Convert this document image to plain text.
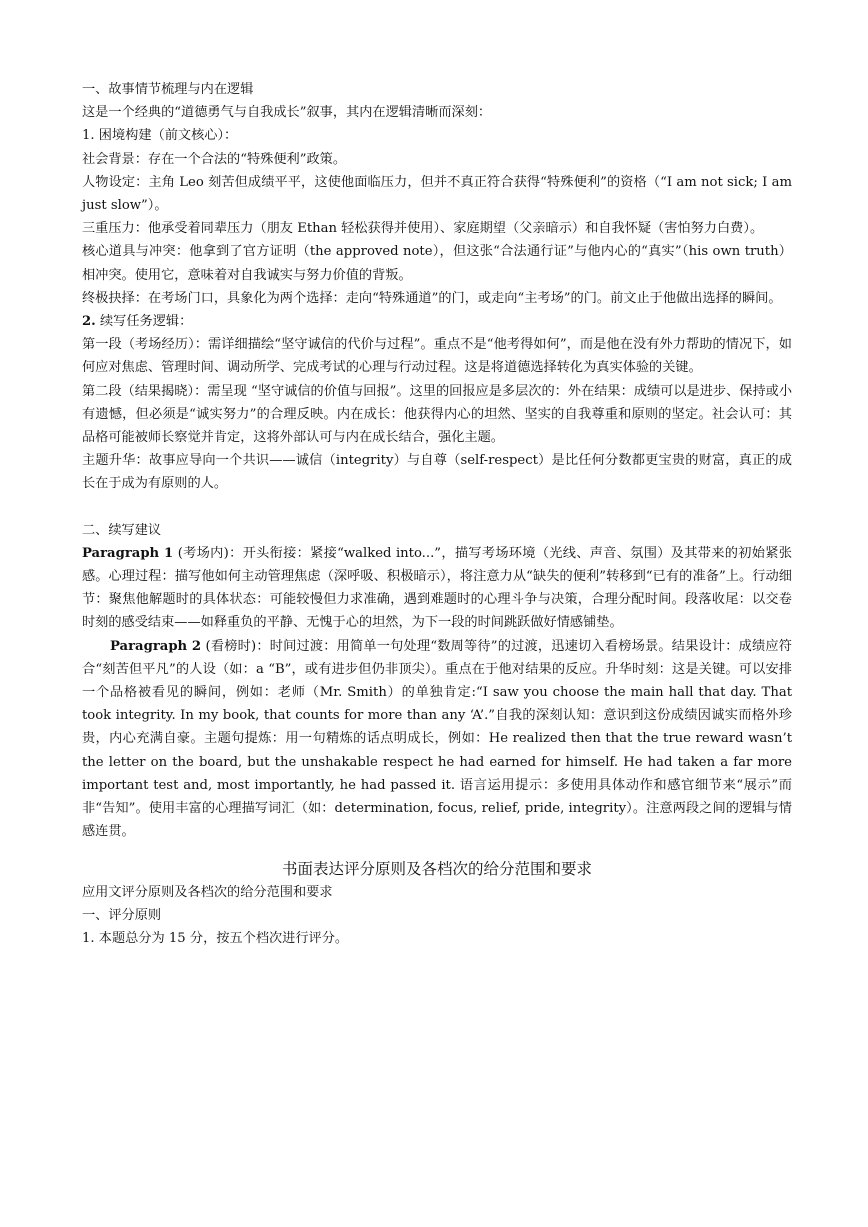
一、故事情节梳理与内在逻辑

这是一个经典的“道德勇气与自我成长”叙事，其内在逻辑清晰而深刻：

1. 困境构建（前文核心）：

社会背景：存在一个合法的“特殊便利”政策。

人物设定：主角 Leo 刻苦但成绩平平，这使他面临压力，但并不真正符合获得“特殊便利”的资格（“I am not sick; I am just slow”）。

三重压力：他承受着同辈压力（朋友 Ethan 轻松获得并使用）、家庭期望（父亲暗示）和自我怀疑（害怕努力白费）。

核心道具与冲突：他拿到了官方证明（the approved note），但这张“合法通行证”与他内心的“真实”（his own truth）相冲突。使用它，意味着对自我诚实与努力价值的背叛。

终极抉择：在考场门口，具象化为两个选择：走向“特殊通道”的门，或走向“主考场”的门。前文止于他做出选择的瞬间。

2. 续写任务逻辑：

第一段（考场经历）：需详细描绘“坚守诚信的代价与过程”。重点不是“他考得如何”，而是他在没有外力帮助的情况下，如何应对焦虑、管理时间、调动所学、完成考试的心理与行动过程。这是将道德选择转化为真实体验的关键。

第二段（结果揭晓）：需呈现 “坚守诚信的价值与回报”。这里的回报应是多层次的：外在结果：成绩可以是进步、保持或小有遗憾，但必须是“诚实努力”的合理反映。内在成长：他获得内心的坦然、坚实的自我尊重和原则的坚定。社会认可：其品格可能被师长察觉并肯定，这将外部认可与内在成长结合，强化主题。

主题升华：故事应导向一个共识——诚信（integrity）与自尊（self-respect）是比任何分数都更宝贵的财富，真正的成长在于成为有原则的人。

二、续写建议

Paragraph 1 (考场内)：开头衔接：紧接“walked into...”，描写考场环境（光线、声音、氛围）及其带来的初始紧张感。心理过程：描写他如何主动管理焦虑（深呼吸、积极暗示），将注意力从“缺失的便利”转移到“已有的准备”上。行动细节：聚焦他解题时的具体状态：可能较慢但力求准确，遇到难题时的心理斗争与决策，合理分配时间。段落收尾：以交卷时刻的感受结束——如释重负的平静、无愧于心的坦然，为下一段的时间跳跃做好情感铺垫。

Paragraph 2 (看榜时)：时间过渡：用简单一句处理“数周等待”的过渡，迅速切入看榜场景。结果设计：成绩应符合“刻苦但平凡”的人设（如：a “B”，或有进步但仍非顶尖）。重点在于他对结果的反应。升华时刻：这是关键。可以安排一个品格被看见的瞬间，例如：老师（Mr. Smith）的单独肯定:“I saw you choose the main hall that day. That took integrity. In my book, that counts for more than any ‘A’.”自我的深刻认知：意识到这份成绩因诚实而格外珍贵，内心充满自豪。主题句提炼：用一句精炼的话点明成长，例如：He realized then that the true reward wasn’t the letter on the board, but the unshakable respect he had earned for himself. He had taken a far more important test and, most importantly, he had passed it. 语言运用提示：多使用具体动作和感官细节来“展示”而非“告知”。使用丰富的心理描写词汇（如：determination, focus, relief, pride, integrity）。注意两段之间的逻辑与情感连贯。

书面表达评分原则及各档次的给分范围和要求

应用文评分原则及各档次的给分范围和要求

一、评分原则

1. 本题总分为 15 分，按五个档次进行评分。
